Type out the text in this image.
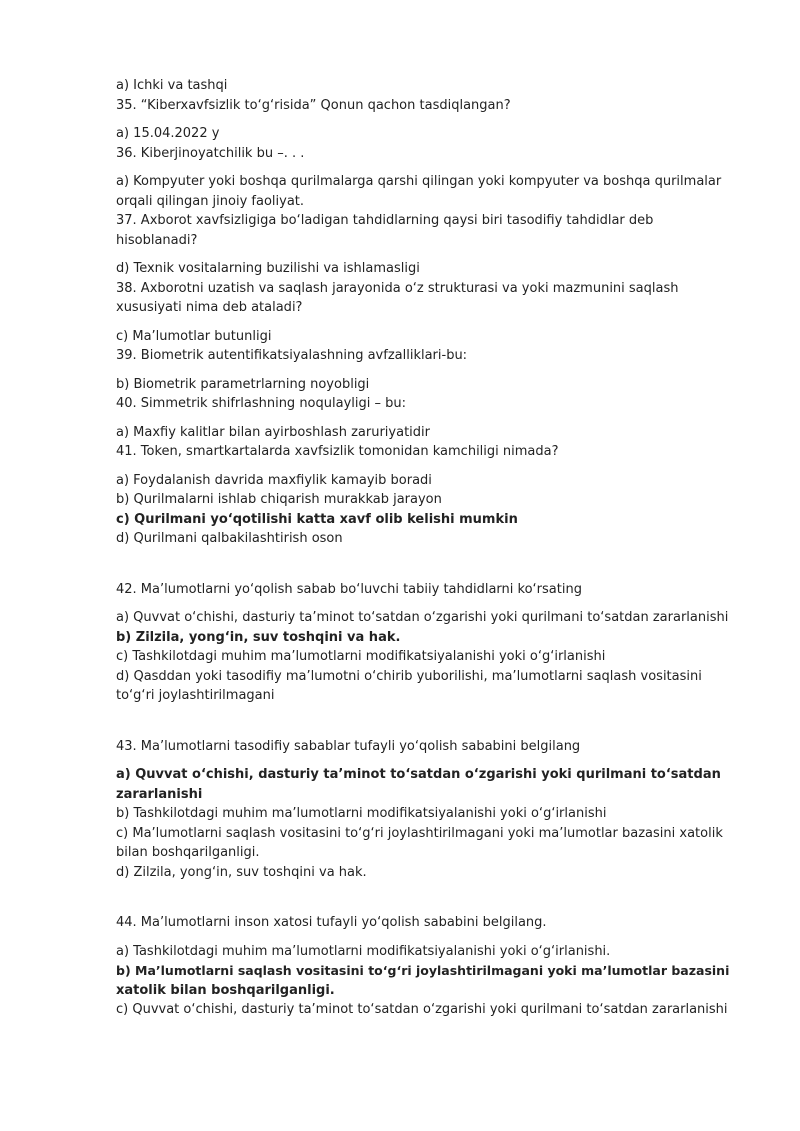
a) Ichki va tashqi
35. “Kiberxavfsizlik to‘g‘risida” Qonun qachon tasdiqlangan?
a) 15.04.2022 y
36. Kiberjinoyatchilik bu –. . .
a) Kompyuter yoki boshqa qurilmalarga qarshi qilingan yoki kompyuter va boshqa qurilmalar
orqali qilingan jinoiy faoliyat.
37. Axborot xavfsizligiga bo‘ladigan tahdidlarning qaysi biri tasodifiy tahdidlar deb
hisoblanadi?
d) Texnik vositalarning buzilishi va ishlamasligi
38. Axborotni uzatish va saqlash jarayonida o‘z strukturasi va yoki mazmunini saqlash
xususiyati nima deb ataladi?
c) Ma’lumotlar butunligi
39. Biometrik autentifikatsiyalashning avfzalliklari-bu:
b) Biometrik parametrlarning noyobligi
40. Simmetrik shifrlashning noqulayligi – bu:
a) Maxfiy kalitlar bilan ayirboshlash zaruriyatidir
41. Token, smartkartalarda xavfsizlik tomonidan kamchiligi nimada?
a) Foydalanish davrida maxfiylik kamayib boradi
b) Qurilmalarni ishlab chiqarish murakkab jarayon
c) Qurilmani yo‘qotilishi katta xavf olib kelishi mumkin
d) Qurilmani qalbakilashtirish oson
42. Ma’lumotlarni yo‘qolish sabab bo‘luvchi tabiiy tahdidlarni ko‘rsating
a) Quvvat o‘chishi, dasturiy ta’minot to‘satdan o‘zgarishi yoki qurilmani to‘satdan zararlanishi
b) Zilzila, yong‘in, suv toshqini va hak.
c) Tashkilotdagi muhim ma’lumotlarni modifikatsiyalanishi yoki o‘g‘irlanishi
d) Qasddan yoki tasodifiy ma’lumotni o‘chirib yuborilishi, ma’lumotlarni saqlash vositasini
to‘g‘ri joylashtirilmagani
43. Ma’lumotlarni tasodifiy sabablar tufayli yo‘qolish sababini belgilang
a) Quvvat o‘chishi, dasturiy ta’minot to‘satdan o‘zgarishi yoki qurilmani to‘satdan
zararlanishi
b) Tashkilotdagi muhim ma’lumotlarni modifikatsiyalanishi yoki o‘g‘irlanishi
c) Ma’lumotlarni saqlash vositasini to‘g‘ri joylashtirilmagani yoki ma’lumotlar bazasini xatolik
bilan boshqarilganligi.
d) Zilzila, yong‘in, suv toshqini va hak.
44. Ma’lumotlarni inson xatosi tufayli yo‘qolish sababini belgilang.
a) Tashkilotdagi muhim ma’lumotlarni modifikatsiyalanishi yoki o‘g‘irlanishi.
b) Ma’lumotlarni saqlash vositasini to‘g‘ri joylashtirilmagani yoki ma’lumotlar bazasini
xatolik bilan boshqarilganligi.
c) Quvvat o‘chishi, dasturiy ta’minot to‘satdan o‘zgarishi yoki qurilmani to‘satdan zararlanishi
